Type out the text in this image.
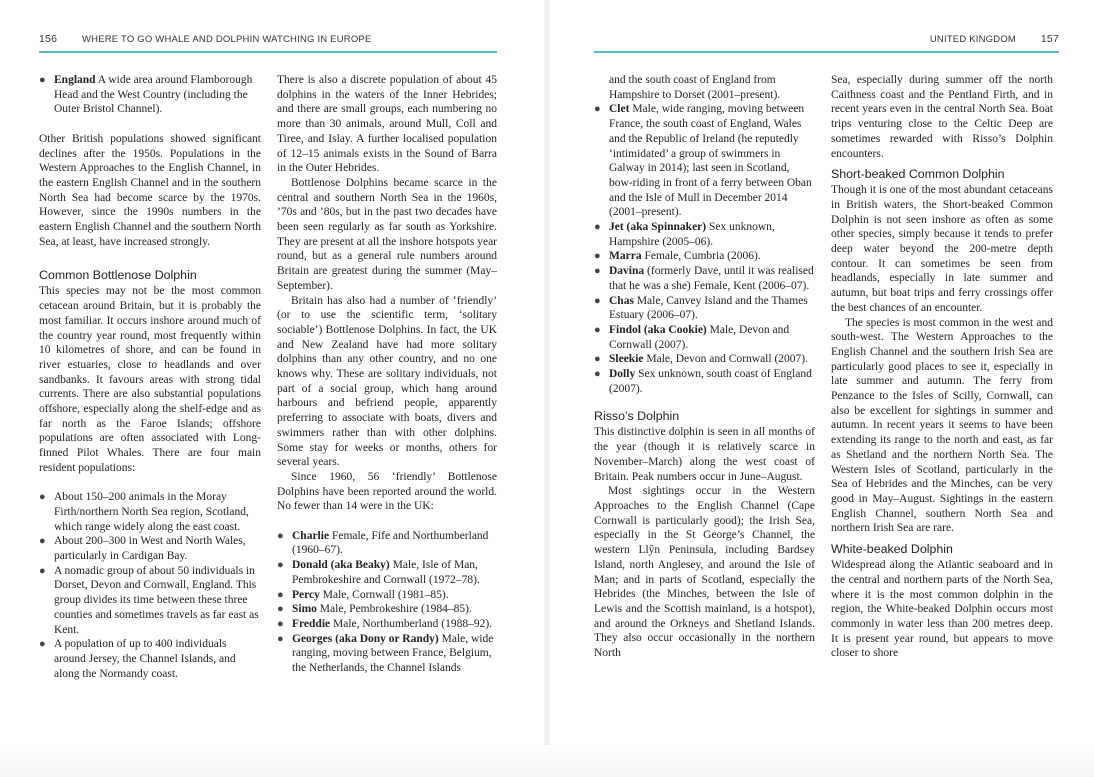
156	WHERE TO GO WHALE AND DOLPHIN WATCHING IN EUROPE	UNITED KINGDOM 157
● England A wide area around Flamborough Head and the West Country (including the Outer Bristol Channel).

Other British populations showed significant declines after the 1950s. Populations in the Western Approaches to the English Channel, in the eastern English Channel and in the southern North Sea had become scarce by the 1970s. However, since the 1990s numbers in the eastern English Channel and the southern North Sea, at least, have increased strongly.

Common Bottlenose Dolphin

This species may not be the most common cetacean around Britain, but it is probably the most familiar. It occurs inshore around much of the country year round, most frequently within 10 kilometres of shore, and can be found in river estuaries, close to headlands and over sandbanks. It favours areas with strong tidal currents. There are also substantial populations offshore, especially along the shelf-edge and as far north as the Faroe Islands; offshore populations are often associated with Long-finned Pilot Whales. There are four main resident populations:

● About 150–200 animals in the Moray Firth/northern North Sea region, Scotland, which range widely along the east coast.
● About 200–300 in West and North Wales, particularly in Cardigan Bay.
● A nomadic group of about 50 individuals in Dorset, Devon and Cornwall, England. This group divides its time between these three counties and sometimes travels as far east as Kent.
● A population of up to 400 individuals around Jersey, the Channel Islands, and along the Normandy coast.

There is also a discrete population of about 45 dolphins in the waters of the Inner Hebrides; and there are small groups, each numbering no more than 30 animals, around Mull, Coll and Tiree, and Islay. A further localised population of 12–15 animals exists in the Sound of Barra in the Outer Hebrides.

Bottlenose Dolphins became scarce in the central and southern North Sea in the 1960s, ’70s and ’80s, but in the past two decades have been seen regularly as far south as Yorkshire. They are present at all the inshore hotspots year round, but as a general rule numbers around Britain are greatest during the summer (May–September).

Britain has also had a number of ‘friendly’ (or to use the scientific term, ‘solitary sociable’) Bottlenose Dolphins. In fact, the UK and New Zealand have had more solitary dolphins than any other country, and no one knows why. These are solitary individuals, not part of a social group, which hang around harbours and befriend people, apparently preferring to associate with boats, divers and swimmers rather than with other dolphins. Some stay for weeks or months, others for several years.

Since 1960, 56 ‘friendly’ Bottlenose Dolphins have been reported around the world. No fewer than 14 were in the UK:

● Charlie Female, Fife and Northumberland (1960–67).
● Donald (aka Beaky) Male, Isle of Man, Pembrokeshire and Cornwall (1972–78).
● Percy Male, Cornwall (1981–85).
● Simo Male, Pembrokeshire (1984–85).
● Freddie Male, Northumberland (1988–92).
● Georges (aka Dony or Randy) Male, wide ranging, moving between France, Belgium, the Netherlands, the Channel Islands
and the south coast of England from Hampshire to Dorset (2001–present).
● Clet Male, wide ranging, moving between France, the south coast of England, Wales and the Republic of Ireland (he reputedly ‘intimidated’ a group of swimmers in Galway in 2014); last seen in Scotland, bow-riding in front of a ferry between Oban and the Isle of Mull in December 2014 (2001–present).
● Jet (aka Spinnaker) Sex unknown, Hampshire (2005–06).
● Marra Female, Cumbria (2006).
● Davina (formerly Dave, until it was realised that he was a she) Female, Kent (2006–07).
● Chas Male, Canvey Island and the Thames Estuary (2006–07).
● Findol (aka Cookie) Male, Devon and Cornwall (2007).
● Sleekie Male, Devon and Cornwall (2007).
● Dolly Sex unknown, south coast of England (2007).
Risso’s Dolphin

This distinctive dolphin is seen in all months of the year (though it is relatively scarce in November–March) along the west coast of Britain. Peak numbers occur in June–August.

Most sightings occur in the Western Approaches to the English Channel (Cape Cornwall is particularly good); the Irish Sea, especially in the St George’s Channel, the western Llŷn Peninsula, including Bardsey Island, north Anglesey, and around the Isle of Man; and in parts of Scotland, especially the Hebrides (the Minches, between the Isle of Lewis and the Scottish mainland, is a hotspot), and around the Orkneys and Shetland Islands. They also occur occasionally in the northern North

Sea, especially during summer off the north Caithness coast and the Pentland Firth, and in recent years even in the central North Sea. Boat trips venturing close to the Celtic Deep are sometimes rewarded with Risso’s Dolphin encounters.

Short-beaked Common Dolphin

Though it is one of the most abundant cetaceans in British waters, the Short-beaked Common Dolphin is not seen inshore as often as some other species, simply because it tends to prefer deep water beyond the 200-metre depth contour. It can sometimes be seen from headlands, especially in late summer and autumn, but boat trips and ferry crossings offer the best chances of an encounter.

The species is most common in the west and south-west. The Western Approaches to the English Channel and the southern Irish Sea are particularly good places to see it, especially in late summer and autumn. The ferry from Penzance to the Isles of Scilly, Cornwall, can also be excellent for sightings in summer and autumn. In recent years it seems to have been extending its range to the north and east, as far as Shetland and the northern North Sea. The Western Isles of Scotland, particularly in the Sea of Hebrides and the Minches, can be very good in May–August. Sightings in the eastern English Channel, southern North Sea and northern Irish Sea are rare.

White-beaked Dolphin

Widespread along the Atlantic seaboard and in the central and northern parts of the North Sea, where it is the most common dolphin in the region, the White-beaked Dolphin occurs most commonly in water less than 200 metres deep. It is present year round, but appears to move closer to shore
